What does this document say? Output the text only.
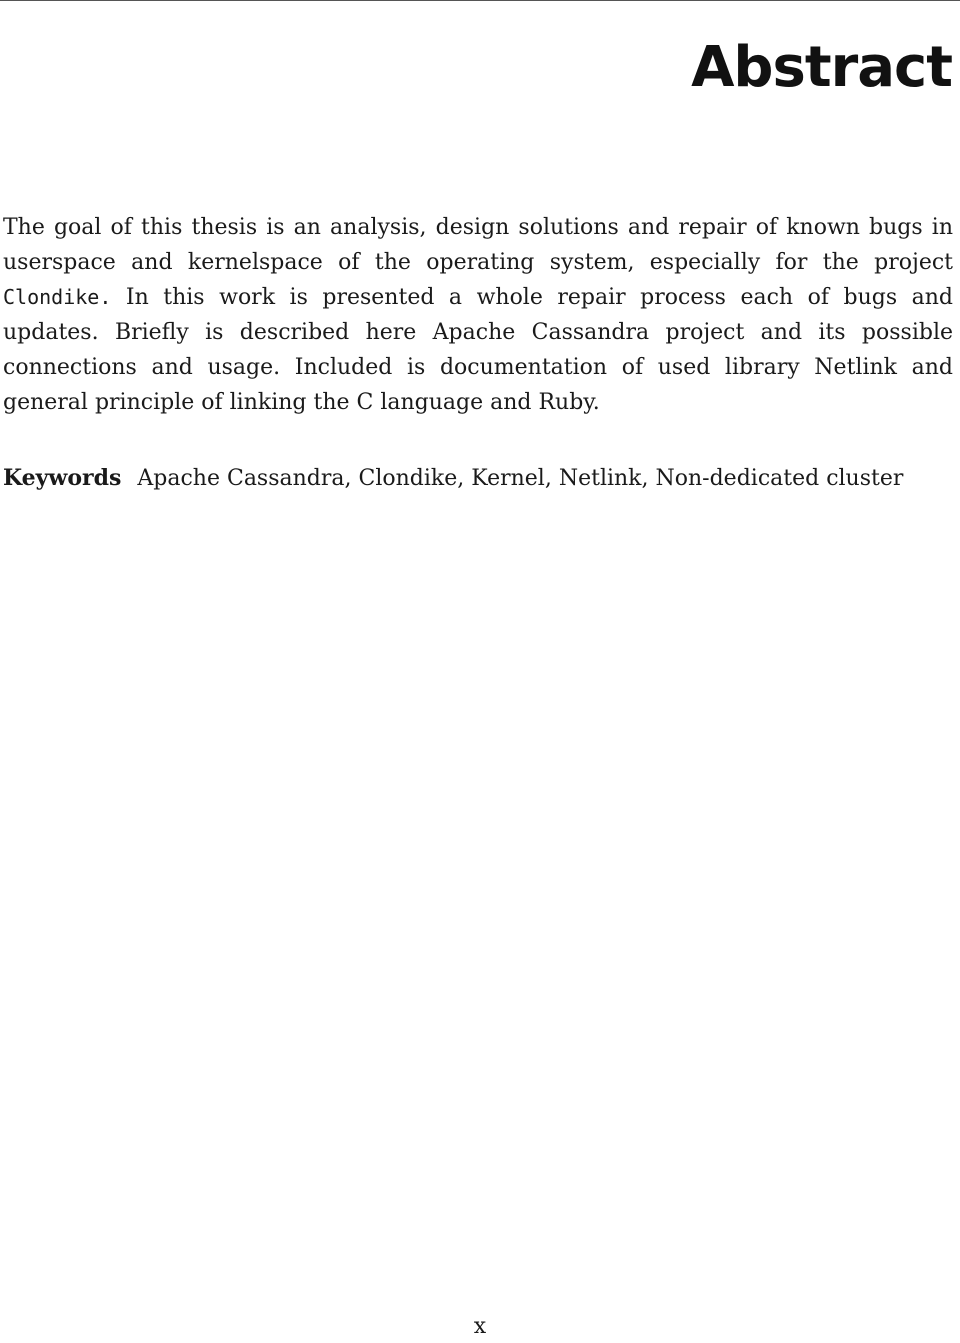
Abstract

The goal of this thesis is an analysis, design solutions and repair of known bugs in userspace and kernelspace of the operating system, especially for the project Clondike. In this work is presented a whole repair process each of bugs and updates. Briefly is described here Apache Cassandra project and its possible connections and usage. Included is documentation of used library Netlink and general principle of linking the C language and Ruby.

Keywords Apache Cassandra, Clondike, Kernel, Netlink, Non-dedicated cluster

x
